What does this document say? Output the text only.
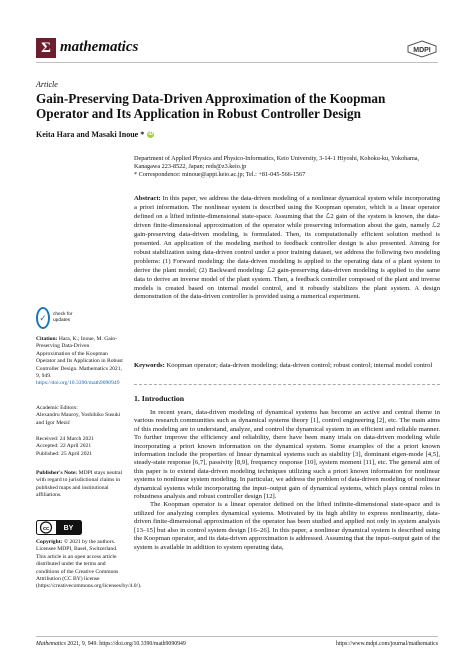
Σ mathematics	MDPI
Article
Gain-Preserving Data-Driven Approximation of the Koopman Operator and Its Application in Robust Controller Design
Keita Hara and Masaki Inoue * iD
Department of Applied Physics and Physico-Informatics, Keio University, 3-14-1 Hiyoshi, Kohoku-ku, Yokohama, Kanagawa 223-8522, Japan; reds@z3.keio.jp
* Correspondence: minoue@appi.keio.ac.jp; Tel.: +81-045-566-1567
Abstract: In this paper, we address the data-driven modeling of a nonlinear dynamical system while incorporating a priori information. The nonlinear system is described using the Koopman operator, which is a linear operator defined on a lifted infinite-dimensional state-space. Assuming that the ℒ2 gain of the system is known, the data-driven finite-dimensional approximation of the operator while preserving information about the gain, namely ℒ2 gain-preserving data-driven modeling, is formulated. Then, its computationally efficient solution method is presented. An application of the modeling method to feedback controller design is also presented. Aiming for robust stabilization using data-driven control under a poor training dataset, we address the following two modeling problems: (1) Forward modeling: the data-driven modeling is applied to the operating data of a plant system to derive the plant model; (2) Backward modeling: ℒ2 gain-preserving data-driven modeling is applied to the same data to derive an inverse model of the plant system. Then, a feedback controller composed of the plant and inverse models is created based on internal model control, and it robustly stabilizes the plant system. A design demonstration of the data-driven controller is provided using a numerical experiment.
Keywords: Koopman operator; data-driven modeling; data-driven control; robust control; internal model control
1. Introduction

In recent years, data-driven modeling of dynamical systems has become an active and central theme in various research communities such as dynamical systems theory [1], control engineering [2], etc. The main aims of this modeling are to understand, analyze, and control the dynamical system in an efficient and reliable manner. To further improve the efficiency and reliability, there have been many trials on data-driven modeling while incorporating a priori known information on the dynamical system. Some examples of the a priori known information include the properties of linear dynamical systems such as stability [3], dominant eigen-mode [4,5], steady-state response [6,7], passivity [8,9], frequency response [10], system moment [11], etc. The general aim of this paper is to extend data-driven modeling techniques utilizing such a priori known information for nonlinear systems to nonlinear system modeling. In particular, we address the problem of data-driven modeling of nonlinear dynamical systems while incorporating the input–output gain of dynamical systems, which plays central roles in robustness analysis and robust controller design [12].

The Koopman operator is a linear operator defined on the lifted infinite-dimensional state-space and is utilized for analyzing complex dynamical systems. Motivated by its high ability to express nonlinearity, data-driven finite-dimensional approximation of the operator has been studied and applied not only in system analysis [13–15] but also in control system design [16–26]. In this paper, a nonlinear dynamical system is described using the Koopman operator, and its data-driven approximation is addressed. Assuming that the input–output gain of the system is available in addition to system operating data,

✓	check for updates
Citation: Hara, K.; Inoue, M. Gain-Preserving Data-Driven Approximation of the Koopman Operator and Its Application in Robust Controller Design. Mathematics 2021, 9, 949. https://doi.org/10.3390/math9090949
Academic Editors:
Alexandru Mauroy, Yoshihiko Susuki and Igor Mezić
Received: 24 March 2021
Accepted: 22 April 2021
Published: 25 April 2021
Publisher's Note: MDPI stays neutral with regard to jurisdictional claims in published maps and institutional affiliations.
cc BY
Copyright: © 2021 by the authors. Licensee MDPI, Basel, Switzerland. This article is an open access article distributed under the terms and conditions of the Creative Commons Attribution (CC BY) license (https://creativecommons.org/licenses/by/4.0/).
Mathematics 2021, 9, 949. https://doi.org/10.3390/math9090949	https://www.mdpi.com/journal/mathematics
